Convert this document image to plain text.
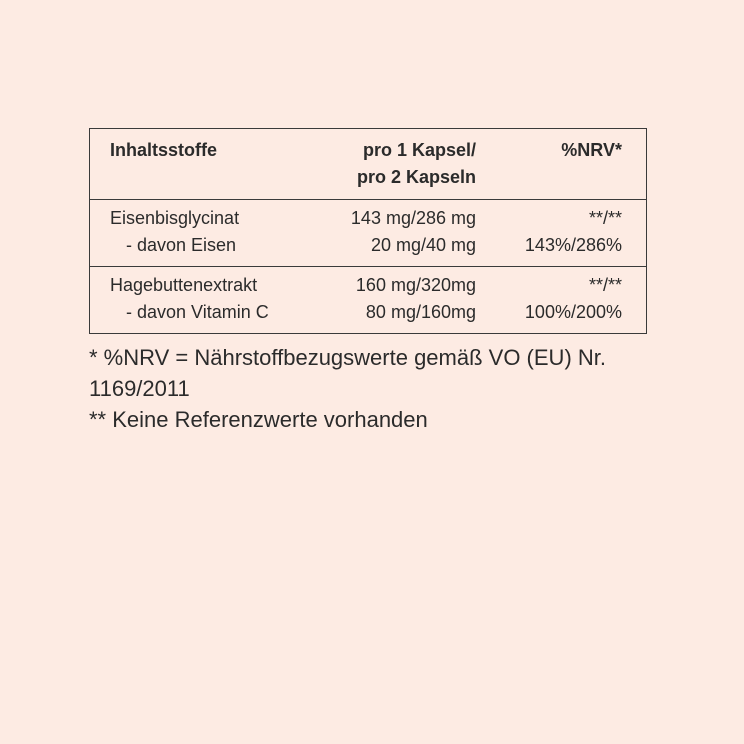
Inhaltsstoffe	pro 1 Kapsel/
pro 2 Kapseln
%NRV*
Eisenbisglycinat
- davon Eisen
143 mg/286 mg
20 mg/40 mg
**/**
143%/286%
Hagebuttenextrakt
- davon Vitamin C
160 mg/320mg
80 mg/160mg
**/**
100%/200%
* %NRV = Nährstoffbezugswerte gemäß VO (EU) Nr.
1169/2011
** Keine Referenzwerte vorhanden
